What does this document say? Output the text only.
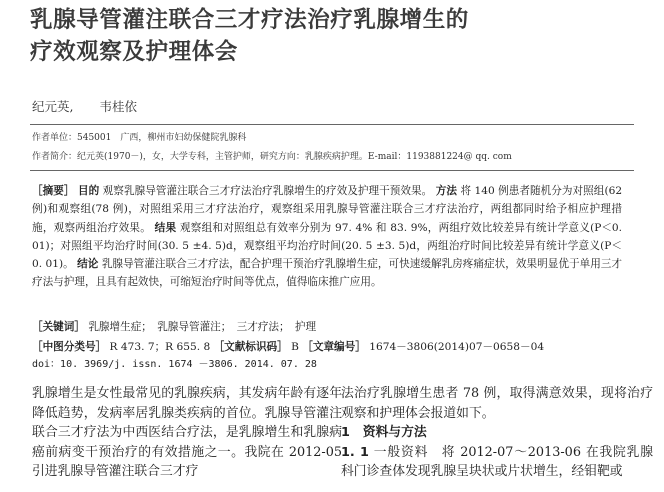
乳腺导管灌注联合三才疗法治疗乳腺增生的
疗效观察及护理体会
纪元英, 韦桂依
作者单位：545001　广西，柳州市妇幼保健院乳腺科
作者简介：纪元英(1970－)，女，大学专科，主管护师，研究方向：乳腺疾病护理。E-mail：1193881224@ qq. com
［摘要］ 目的 观察乳腺导管灌注联合三才疗法治疗乳腺增生的疗效及护理干预效果。 方法 将 140 例患者随机分为对照组(62 例)和观察组(78 例)，对照组采用三才疗法治疗，观察组采用乳腺导管灌注联合三才疗法治疗，两组都同时给予相应护理措施，观察两组治疗效果。 结果 观察组和对照组总有效率分别为 97. 4% 和 83. 9%，两组疗效比较差异有统计学意义(P＜0. 01)；对照组平均治疗时间(30. 5 ±4. 5)d，观察组平均治疗时间(20. 5 ±3. 5)d，两组治疗时间比较差异有统计学意义(P＜0. 01)。 结论 乳腺导管灌注联合三才疗法，配合护理干预治疗乳腺增生症，可快速缓解乳房疼痛症状，效果明显优于单用三才疗法与护理，且具有起效快，可缩短治疗时间等优点，值得临床推广应用。
［关键词］ 乳腺增生症；　乳腺导管灌注；　三才疗法；　护理
［中图分类号］ R 473. 7；R 655. 8 ［文献标识码］ B ［文章编号］ 1674－3806(2014)07－0658－04
doi：10. 3969/j. issn. 1674 －3806. 2014. 07. 28
乳腺增生是女性最常见的乳腺疾病，其发病年龄有逐年降低趋势，发病率居乳腺类疾病的首位。乳腺导管灌注联合三才疗法为中西医结合疗法，是乳腺增生和乳腺病癌前病变干预治疗的有效措施之一。我院在 2012-05 引进乳腺导管灌注联合三才疗
法治疗乳腺增生患者 78 例，取得满意效果，现将治疗观察和护理体会报道如下。
1　资料与方法
1. 1 一般资料　将 2012-07～2013-06 在我院乳腺科门诊查体发现乳腺呈块状或片状增生，经钼靶或
